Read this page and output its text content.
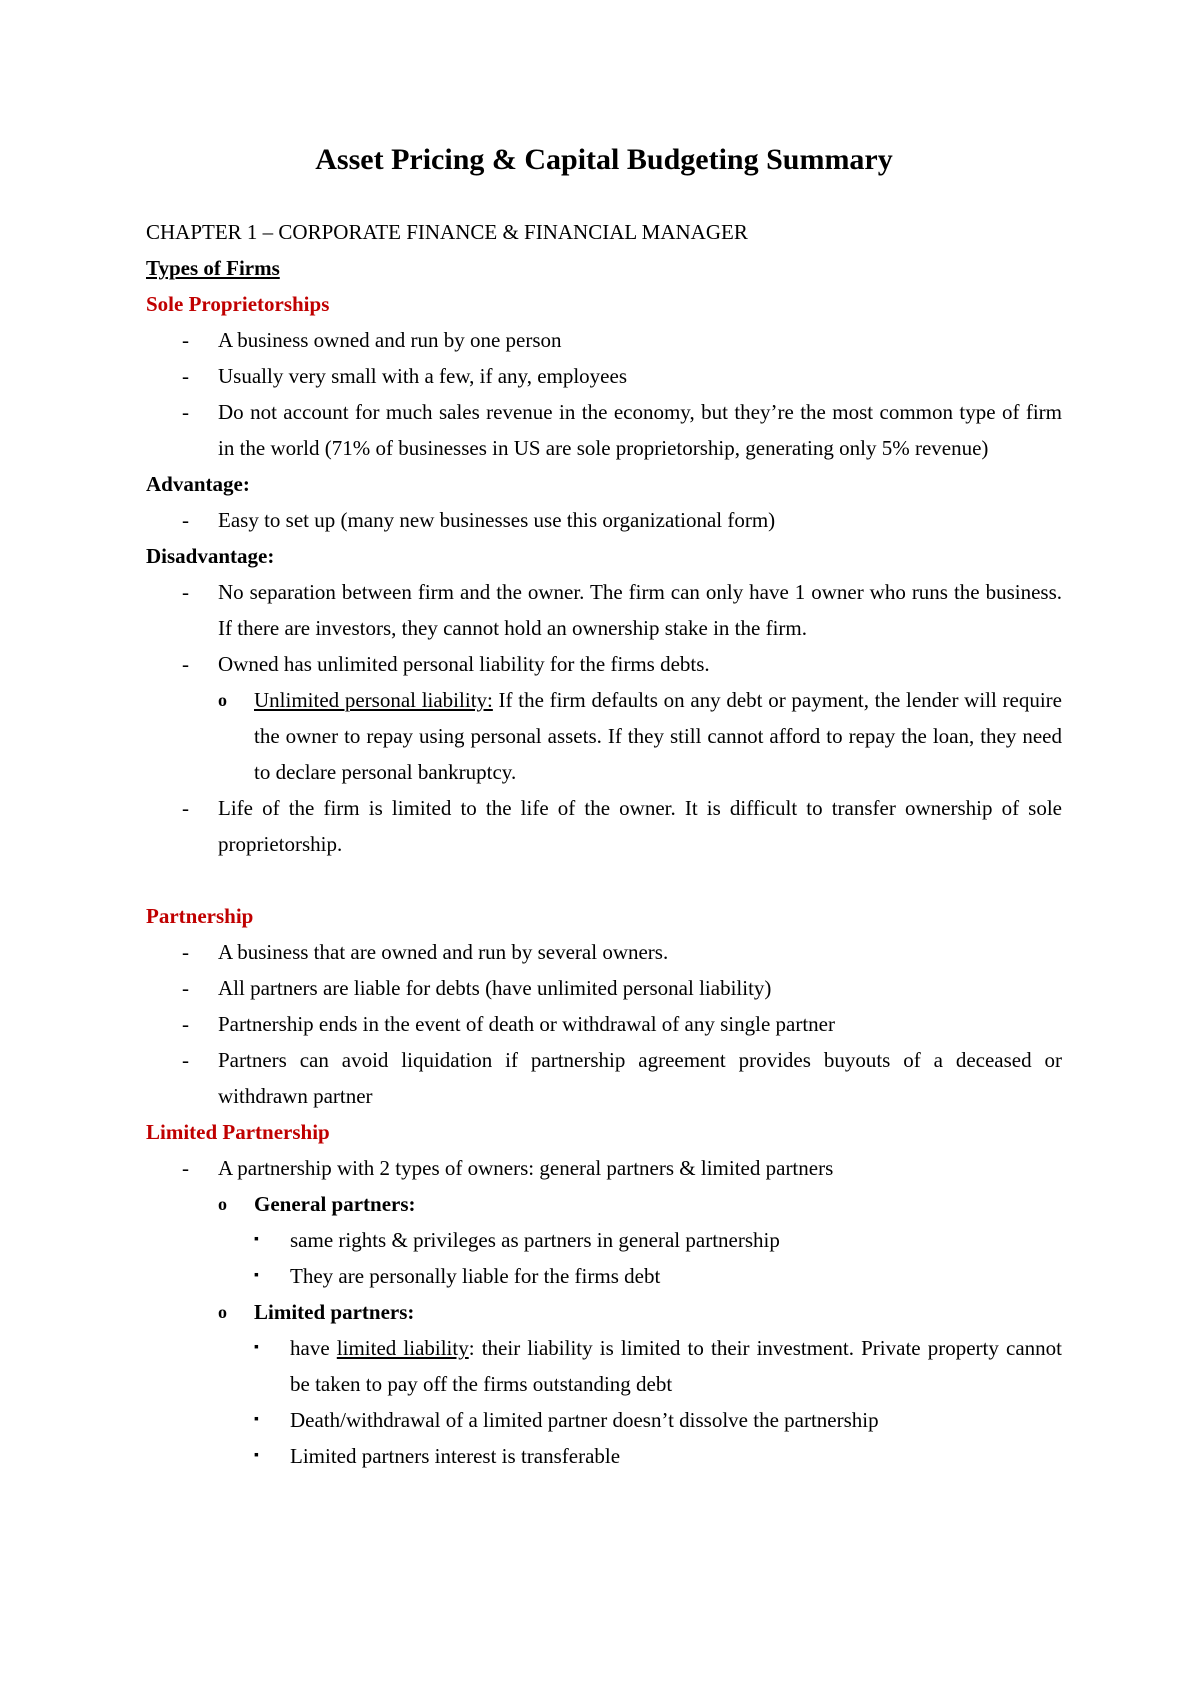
Asset Pricing & Capital Budgeting Summary
CHAPTER 1 – CORPORATE FINANCE & FINANCIAL MANAGER
Types of Firms
Sole Proprietorships
- A business owned and run by one person
- Usually very small with a few, if any, employees
- Do not account for much sales revenue in the economy, but they’re the most common type of firm in the world (71% of businesses in US are sole proprietorship, generating only 5% revenue)
Advantage:
- Easy to set up (many new businesses use this organizational form)
Disadvantage:
- No separation between firm and the owner. The firm can only have 1 owner who runs the business. If there are investors, they cannot hold an ownership stake in the firm.
- Owned has unlimited personal liability for the firms debts.
o Unlimited personal liability: If the firm defaults on any debt or payment, the lender will require the owner to repay using personal assets. If they still cannot afford to repay the loan, they need to declare personal bankruptcy.
- Life of the firm is limited to the life of the owner. It is difficult to transfer ownership of sole proprietorship.
Partnership
- A business that are owned and run by several owners.
- All partners are liable for debts (have unlimited personal liability)
- Partnership ends in the event of death or withdrawal of any single partner
- Partners can avoid liquidation if partnership agreement provides buyouts of a deceased or withdrawn partner
Limited Partnership
- A partnership with 2 types of owners: general partners & limited partners
o General partners:
▪ same rights & privileges as partners in general partnership
▪ They are personally liable for the firms debt
o Limited partners:
▪ have limited liability: their liability is limited to their investment. Private property cannot be taken to pay off the firms outstanding debt
▪ Death/withdrawal of a limited partner doesn’t dissolve the partnership
▪ Limited partners interest is transferable
